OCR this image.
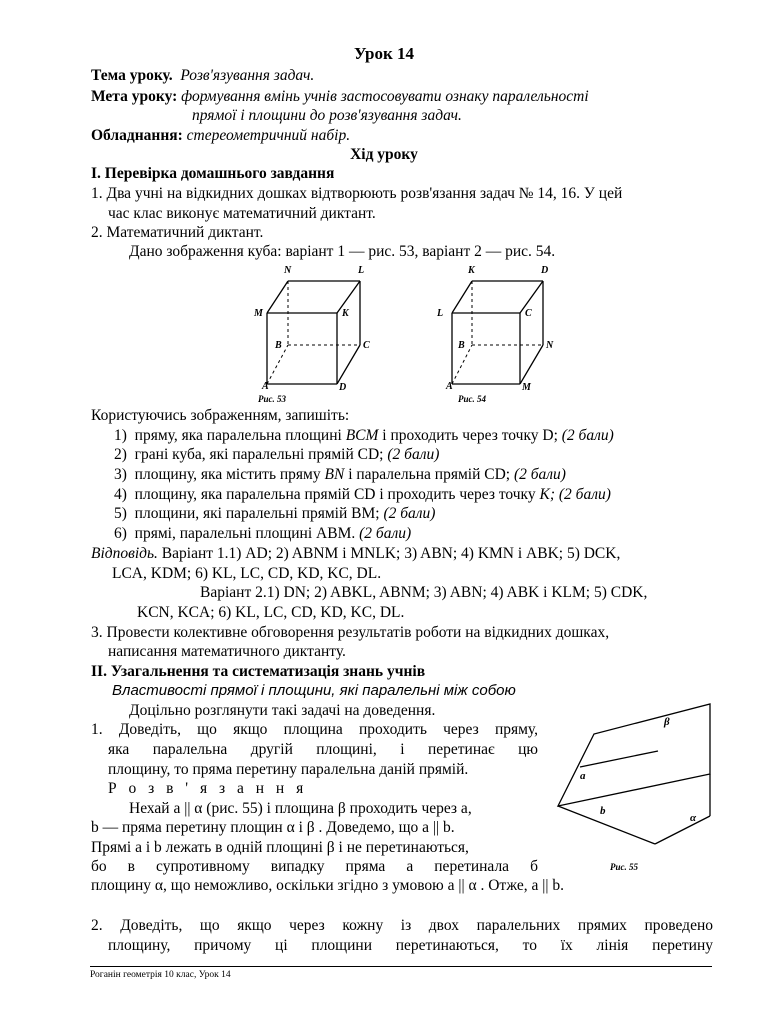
Урок 14
Тема уроку. Розв'язування задач.
Мета уроку: формування вмінь учнів застосовувати ознаку паралельності
прямої і площини до розв'язування задач.
Обладнання: стереометричний набір.
Хід уроку
I. Перевірка домашнього завдання
1. Два учні на відкидних дошках відтворюють розв'язання задач № 14, 16. У цей
час клас виконує математичний диктант.
2. Математичний диктант.
Дано зображення куба: варіант 1 — рис. 53, варіант 2 — рис. 54.
N	L
M	K
B	C
A	D
Рис. 53
K	D
L	C
B	N
A	M
Рис. 54
Користуючись зображенням, запишіть:
1) пряму, яка паралельна площині BCM і проходить через точку D; (2 бали)
2) грані куба, які паралельні прямій CD; (2 бали)
3) площину, яка містить пряму BN і паралельна прямій CD; (2 бали)
4) площину, яка паралельна прямій CD і проходить через точку K; (2 бали)
5) площини, які паралельні прямій BM; (2 бали)
6) прямі, паралельні площині ABM. (2 бали)
Відповідь. Варіант 1.1) AD; 2) ABNM і MNLK; 3) ABN; 4) KMN і ABK; 5) DCK,
LCA, KDM; 6) KL, LC, CD, KD, KC, DL.
Варіант 2.1) DN; 2) ABKL, ABNM; 3) ABN; 4) ABK і KLM; 5) CDK,
KCN, KCA; 6) KL, LC, CD, KD, KC, DL.
3. Провести колективне обговорення результатів роботи на відкидних дошках,
написання математичного диктанту.
II. Узагальнення та систематизація знань учнів
Властивості прямої і площини, які паралельні між собою
Доцільно розглянути такі задачі на доведення.
1. Доведіть, що якщо площина проходить через пряму,
яка паралельна другій площині, і перетинає цю
площину, то пряма перетину паралельна даній прямій.
Р о з в ' я з а н н я
Нехай a || α (рис. 55) і площина β проходить через a,
b — пряма перетину площин α і β . Доведемо, що a || b.
Прямі a і b лежать в одній площині β і не перетинаються,
бо в супротивному випадку пряма a перетинала б
площину α, що неможливо, оскільки згідно з умовою a || α . Отже, a || b.
β
α
a
b
Рис. 55
2. Доведіть, що якщо через кожну із двох паралельних прямих проведено
площину, причому ці площини перетинаються, то їх лінія перетину
Роганін геометрія 10 клас, Урок 14
